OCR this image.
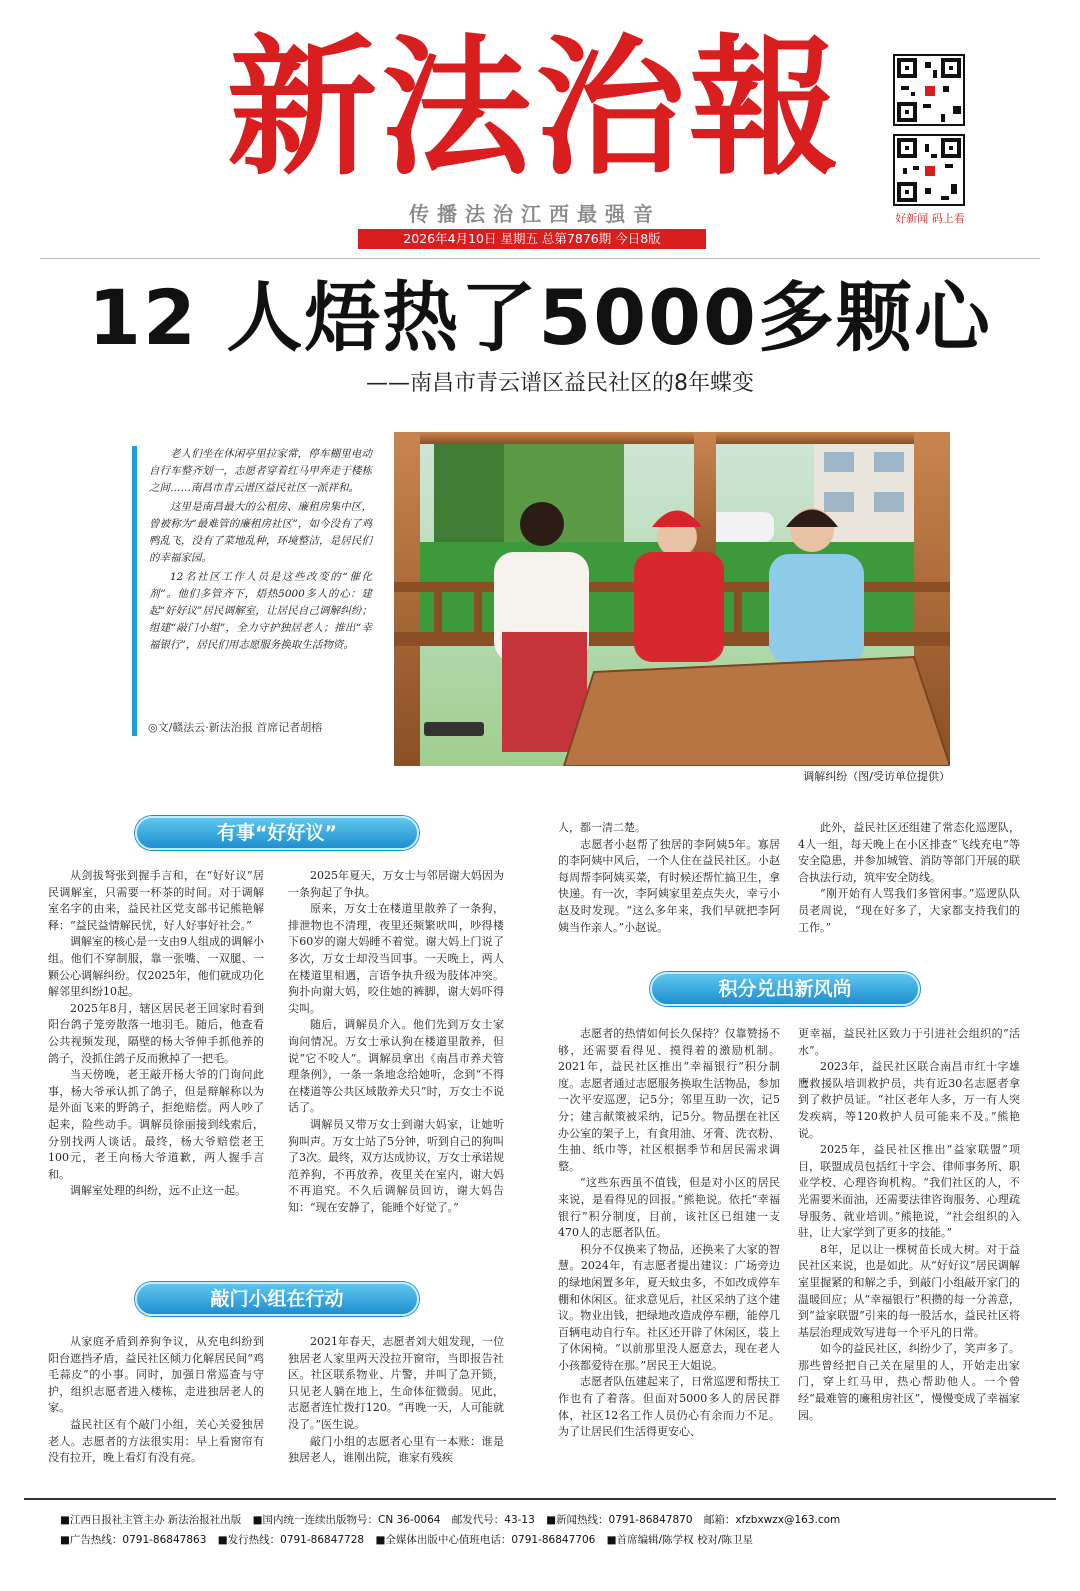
新法治報
传播法治江西最强音
2026年4月10日 星期五 总第7876期 今日8版
好新闻 码上看
12 人焐热了5000多颗心
——南昌市青云谱区益民社区的8年蝶变

老人们坐在休闲亭里拉家常，停车棚里电动自行车整齐划一，志愿者穿着红马甲奔走于楼栋之间……南昌市青云谱区益民社区一派祥和。

这里是南昌最大的公租房、廉租房集中区，曾被称为“最难管的廉租房社区”，如今没有了鸡鸭乱飞，没有了菜地乱种，环境整洁，是居民们的幸福家园。

12名社区工作人员是这些改变的“催化剂”。他们多管齐下，焐热5000多人的心：建起“好好议”居民调解室，让居民自己调解纠纷；组建“敲门小组”，全力守护独居老人；推出“幸福银行”，居民们用志愿服务换取生活物资。

◎文/赣法云·新法治报 首席记者胡榕
调解纠纷（图/受访单位提供）
有事“好好议”

从剑拔弩张到握手言和，在“好好议”居民调解室，只需要一杯茶的时间。对于调解室名字的由来，益民社区党支部书记熊艳解释：“益民益情解民忧，好人好事好社会。”

调解室的核心是一支由9人组成的调解小组。他们不穿制服，靠一张嘴、一双腿、一颗公心调解纠纷。仅2025年，他们就成功化解邻里纠纷10起。

2025年8月，辖区居民老王回家时看到阳台鸽子笼旁散落一地羽毛。随后，他查看公共视频发现，隔壁的杨大爷伸手抓他养的鸽子，没抓住鸽子反而揪掉了一把毛。

当天傍晚，老王敲开杨大爷的门询问此事，杨大爷承认抓了鸽子，但是辩解称以为是外面飞来的野鸽子，拒绝赔偿。两人吵了起来，险些动手。调解员徐丽接到线索后，分别找两人谈话。最终，杨大爷赔偿老王100元，老王向杨大爷道歉，两人握手言和。

调解室处理的纠纷，远不止这一起。

2025年夏天，万女士与邻居谢大妈因为一条狗起了争执。

原来，万女士在楼道里散养了一条狗，排泄物也不清理，夜里还频繁吠叫，吵得楼下60岁的谢大妈睡不着觉。谢大妈上门说了多次，万女士却没当回事。一天晚上，两人在楼道里相遇，言语争执升级为肢体冲突。狗扑向谢大妈，咬住她的裤脚，谢大妈吓得尖叫。

随后，调解员介入。他们先到万女士家询问情况。万女士承认狗在楼道里散养，但说“它不咬人”。调解员拿出《南昌市养犬管理条例》，一条一条地念给她听，念到“不得在楼道等公共区域散养犬只”时，万女士不说话了。

调解员又带万女士到谢大妈家，让她听狗叫声。万女士站了5分钟，听到自己的狗叫了3次。最终，双方达成协议，万女士承诺规范养狗，不再放养，夜里关在室内，谢大妈不再追究。不久后调解员回访，谢大妈告知：“现在安静了，能睡个好觉了。”

人，都一清二楚。

志愿者小赵帮了独居的李阿姨5年。寡居的李阿姨中风后，一个人住在益民社区。小赵每周帮李阿姨买菜，有时候还帮忙搞卫生，拿快递。有一次，李阿姨家里差点失火，幸亏小赵及时发现。“这么多年来，我们早就把李阿姨当作亲人。”小赵说。

此外，益民社区还组建了常态化巡逻队，4人一组，每天晚上在小区排查“飞线充电”等安全隐患，并参加城管、消防等部门开展的联合执法行动，筑牢安全防线。

“刚开始有人骂我们多管闲事。”巡逻队队员老周说，“现在好多了，大家都支持我们的工作。”

积分兑出新风尚

志愿者的热情如何长久保持？仅靠赞扬不够，还需要看得见、摸得着的激励机制。2021年，益民社区推出“幸福银行”积分制度。志愿者通过志愿服务换取生活物品，参加一次平安巡逻，记5分；邻里互助一次，记5分；建言献策被采纳，记5分。物品摆在社区办公室的架子上，有食用油、牙膏、洗衣粉、生抽、纸巾等，社区根据季节和居民需求调整。

“这些东西虽不值钱，但是对小区的居民来说，是看得见的回报。”熊艳说。依托“幸福银行”积分制度，目前，该社区已组建一支470人的志愿者队伍。

积分不仅换来了物品，还换来了大家的智慧。2024年，有志愿者提出建议：广场旁边的绿地闲置多年，夏天蚊虫多，不如改成停车棚和休闲区。征求意见后，社区采纳了这个建议。物业出钱，把绿地改造成停车棚，能停几百辆电动自行车。社区还开辟了休闲区，装上了休闲椅。“以前那里没人愿意去，现在老人小孩都爱待在那。”居民王大姐说。

志愿者队伍建起来了，日常巡逻和帮扶工作也有了着落。但面对5000多人的居民群体，社区12名工作人员仍心有余而力不足。为了让居民们生活得更安心、

更幸福，益民社区致力于引进社会组织的“活水”。

2023年，益民社区联合南昌市红十字雄鹰救援队培训救护员，共有近30名志愿者拿到了救护员证。“社区老年人多，万一有人突发疾病，等120救护人员可能来不及。”熊艳说。

2025年，益民社区推出“益家联盟”项目，联盟成员包括红十字会、律师事务所、职业学校、心理咨询机构。“我们社区的人，不光需要米面油，还需要法律咨询服务、心理疏导服务、就业培训。”熊艳说，“社会组织的入驻，让大家学到了更多的技能。”

8年，足以让一棵树苗长成大树。对于益民社区来说，也是如此。从“好好议”居民调解室里握紧的和解之手，到敲门小组敲开家门的温暖回应；从“幸福银行”积攒的每一分善意，到“益家联盟”引来的每一股活水，益民社区将基层治理成效写进每一个平凡的日常。

如今的益民社区，纠纷少了，笑声多了。那些曾经把自己关在屋里的人，开始走出家门，穿上红马甲，热心帮助他人。一个曾经“最难管的廉租房社区”，慢慢变成了幸福家园。

敲门小组在行动

从家庭矛盾到养狗争议，从充电纠纷到阳台遮挡矛盾，益民社区倾力化解居民间“鸡毛蒜皮”的小事。同时，加强日常巡查与守护，组织志愿者进入楼栋，走进独居老人的家。

益民社区有个敲门小组，关心关爱独居老人。志愿者的方法很实用：早上看窗帘有没有拉开，晚上看灯有没有亮。

2021年春天，志愿者刘大姐发现，一位独居老人家里两天没拉开窗帘，当即报告社区。社区联系物业、片警，并叫了急开锁，只见老人躺在地上，生命体征微弱。见此，志愿者连忙拨打120。“再晚一天，人可能就没了。”医生说。

敲门小组的志愿者心里有一本账：谁是独居老人，谁刚出院，谁家有残疾

■江西日报社主管主办 新法治报社出版 ■国内统一连续出版物号：CN 36-0064 邮发代号：43-13 ■新闻热线：0791-86847870 邮箱：xfzbxwzx@163.com
■广告热线：0791-86847863 ■发行热线：0791-86847728 ■全媒体出版中心值班电话：0791-86847706 ■首席编辑/陈学权 校对/陈卫星
